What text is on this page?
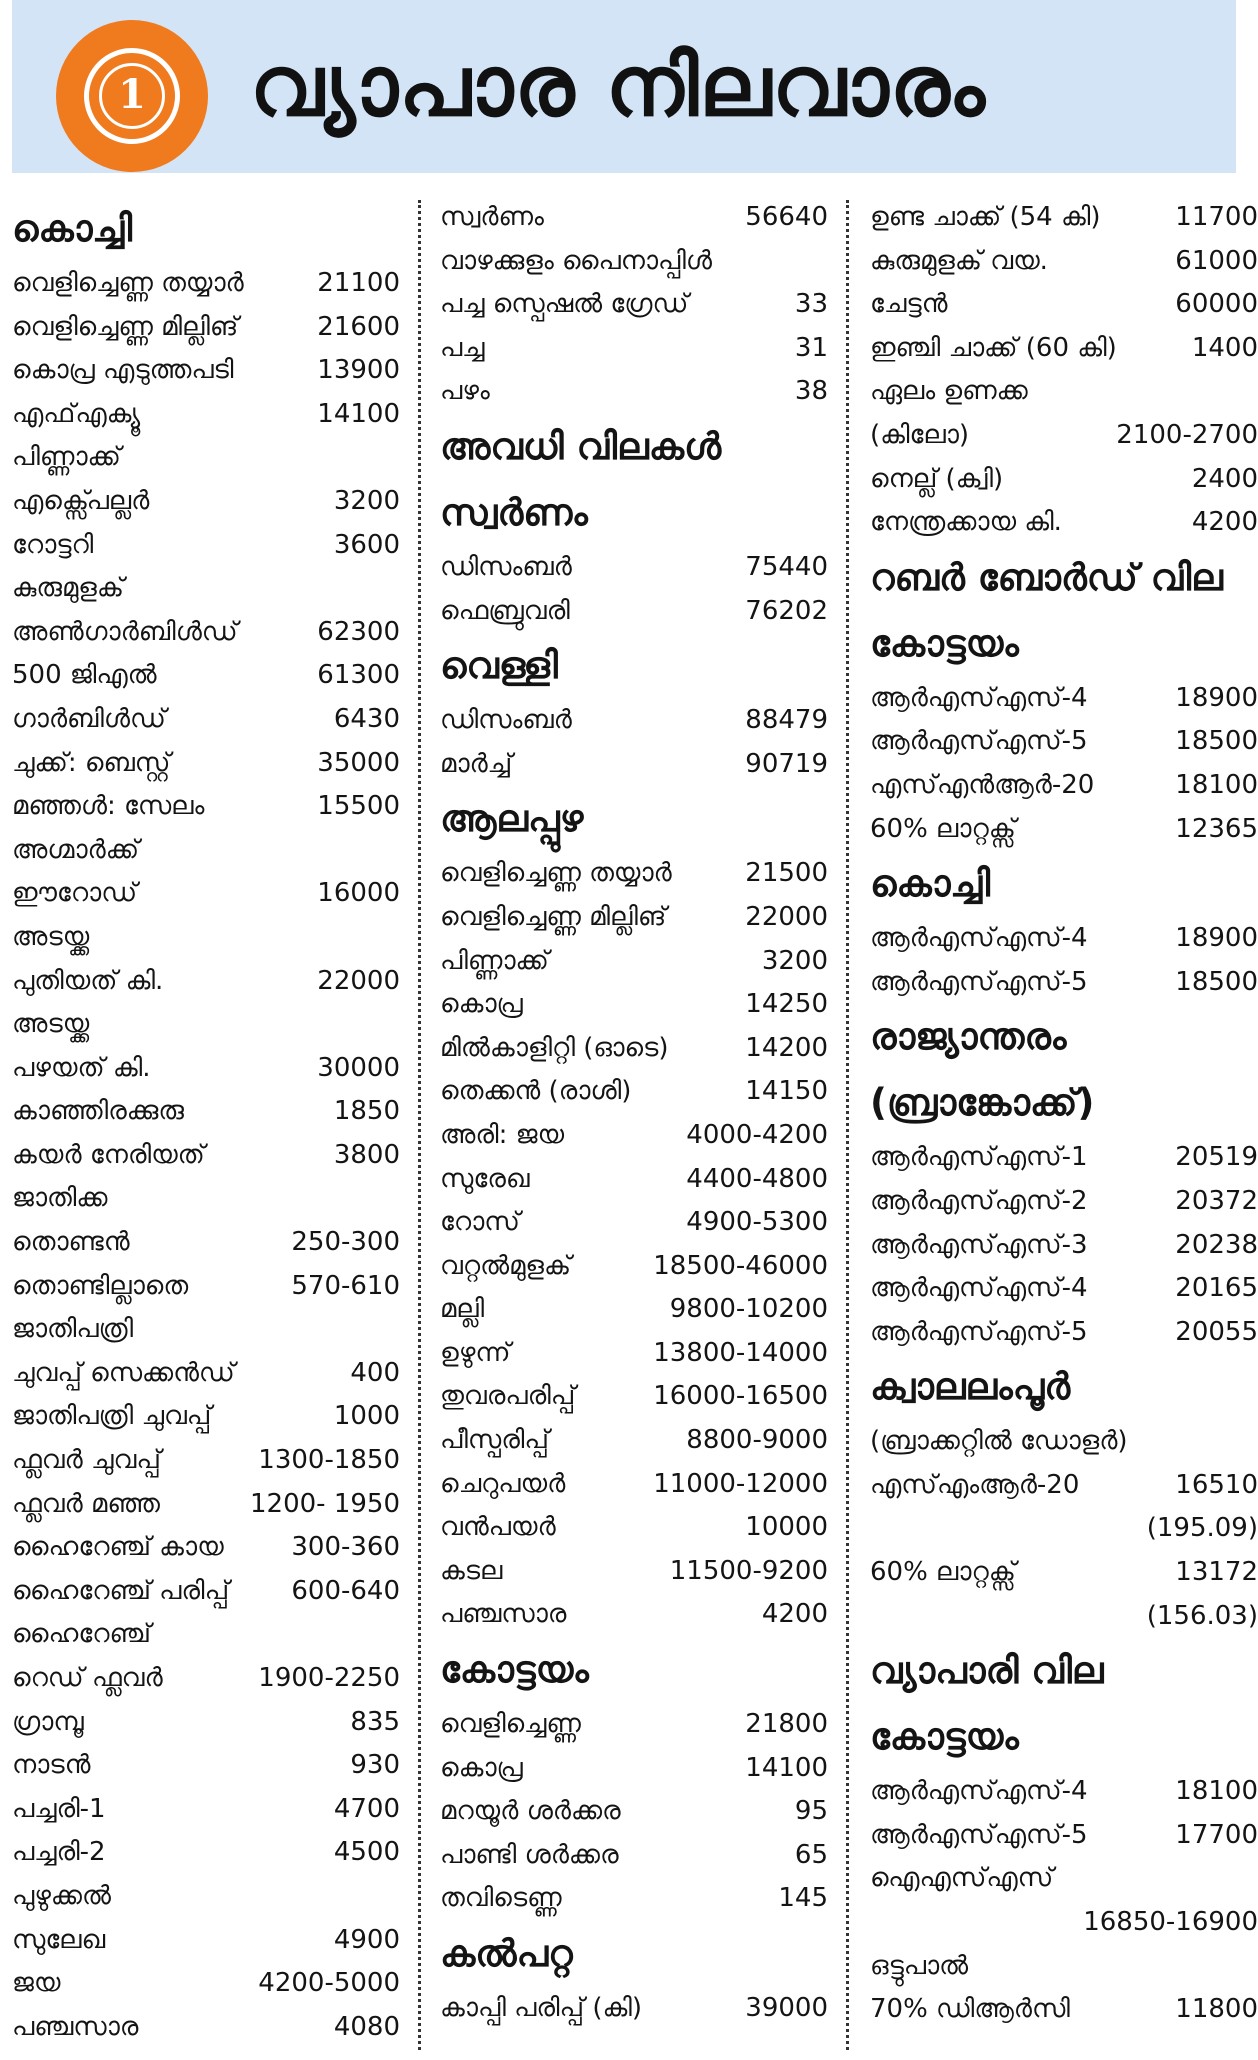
1 വ്യാപാര നിലവാരം
കൊച്ചി
വെളിച്ചെണ്ണ തയ്യാർ	21100
വെളിച്ചെണ്ണ മില്ലിങ്	21600
കൊപ്ര എടുത്തപടി	13900
എഫ്എക്യൂ	14100
പിണ്ണാക്ക്
എക്സ്പെല്ലർ	3200
റോട്ടറി	3600
കുരുമുളക്
അൺഗാർബിൾഡ്	62300
500 ജിഎൽ	61300
ഗാർബിൾഡ്	6430
ചുക്ക്: ബെസ്റ്റ്	35000
മഞ്ഞൾ: സേലം	15500
അഗ്മാർക്ക്
ഈറോഡ്	16000
അടയ്ക്ക
പുതിയത് കി.	22000
അടയ്ക്ക
പഴയത് കി.	30000
കാഞ്ഞിരക്കുരു	1850
കയർ നേരിയത്	3800
ജാതിക്ക
തൊണ്ടൻ	250-300
തൊണ്ടില്ലാതെ	570-610
ജാതിപത്രി
ചുവപ്പ് സെക്കൻഡ്	400
ജാതിപത്രി ചുവപ്പ്	1000
ഫ്ലവർ ചുവപ്പ്	1300-1850
ഫ്ലവർ മഞ്ഞ	1200- 1950
ഹൈറേഞ്ച് കായ	300-360
ഹൈറേഞ്ച് പരിപ്പ് 600-640
ഹൈറേഞ്ച്
റെഡ് ഫ്ലവർ	1900-2250
ഗ്രാമ്പൂ	835
നാടൻ	930
പച്ചരി-1	4700
പച്ചരി-2	4500
പുഴുക്കൽ
സുലേഖ	4900
ജയ	4200-5000
പഞ്ചസാര	4080
സ്വർണം	56640
വാഴക്കുളം പൈനാപ്പിൾ
പച്ച സ്പെഷൽ ഗ്രേഡ്	33
പച്ച	31
പഴം	38
അവധി വിലകൾ
സ്വർണം
ഡിസംബർ	75440
ഫെബ്രുവരി	76202
വെള്ളി
ഡിസംബർ	88479
മാർച്ച്	90719
ആലപ്പുഴ
വെളിച്ചെണ്ണ തയ്യാർ	21500
വെളിച്ചെണ്ണ മില്ലിങ്	22000
പിണ്ണാക്ക്	3200
കൊപ്ര	14250
മിൽകാളിറ്റി (ഓടെ)	14200
തെക്കൻ (രാശി)	14150
അരി: ജയ	4000-4200
സുരേഖ	4400-4800
റോസ്	4900-5300
വറ്റൽമുളക്	18500-46000
മല്ലി	9800-10200
ഉഴുന്ന്	13800-14000
തുവരപരിപ്പ്	16000-16500
പീസ്പരിപ്പ്	8800-9000
ചെറുപയർ	11000-12000
വൻപയർ	10000
കടല	11500-9200
പഞ്ചസാര	4200
കോട്ടയം
വെളിച്ചെണ്ണ	21800
കൊപ്ര	14100
മറയൂർ ശർക്കര	95
പാണ്ടി ശർക്കര	65
തവിടെണ്ണ	145
കൽപറ്റ
കാപ്പി പരിപ്പ് (കി)	39000
ഉണ്ട ചാക്ക് (54 കി)	11700
കുരുമുളക് വയ.	61000
ചേട്ടൻ	60000
ഇഞ്ചി ചാക്ക് (60 കി)	1400
ഏലം ഉണക്ക
(കിലോ)	2100-2700
നെല്ല് (ക്വി)	2400
നേന്ത്രക്കായ കി.	4200
റബർ ബോർഡ് വില
കോട്ടയം
ആർഎസ്എസ്-4	18900
ആർഎസ്എസ്-5	18500
എസ്എൻആർ-20	18100
60% ലാറ്റക്സ്	12365
കൊച്ചി
ആർഎസ്എസ്-4	18900
ആർഎസ്എസ്-5	18500
രാജ്യാന്തരം
(ബ്രാങ്കോക്ക്)
ആർഎസ്എസ്-1	20519
ആർഎസ്എസ്-2	20372
ആർഎസ്എസ്-3	20238
ആർഎസ്എസ്-4	20165
ആർഎസ്എസ്-5	20055
ക്വാലലംപൂർ
(ബ്രാക്കറ്റിൽ ഡോളർ)
എസ്എംആർ-20	16510
(195.09)
60% ലാറ്റക്സ്	13172
(156.03)
വ്യാപാരി വില
കോട്ടയം
ആർഎസ്എസ്-4	18100
ആർഎസ്എസ്-5	17700
ഐഎസ്എസ്
16850-16900
ഒട്ടുപാൽ
70% ഡിആർസി	11800
